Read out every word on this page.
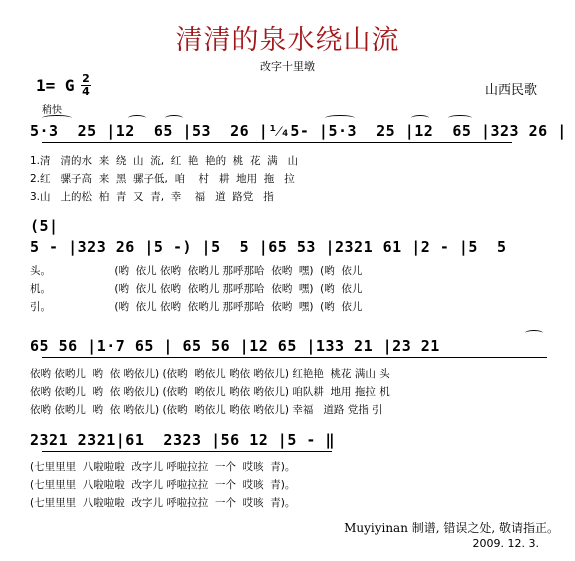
清清的泉水绕山流
改字十里墩
山西民歌
1= G 2
4
稍快
5·3  25 |12  65 |53  26 |¹⁄₄5- |5·3  25 |12  65 |323 26 |
1.清   清的水  来  绕  山  流,  红  艳  艳的  桃  花  满   山
2.红   骡子高  来  黑  骡子低,  咱    村   耕  地用  拖   拉
3.山   上的松  柏  青  又  青,  幸    福   道  路党   指
(5|
5 - |323 26 |5 -) |5  5 |65 53 |2321 61 |2 - |5  5
头。                   (哟  依儿 依哟  依哟儿 那呼那哈  依哟  嘿)  (哟  依儿
机。                   (哟  依儿 依哟  依哟儿 那呼那哈  依哟  嘿)  (哟  依儿
引。                   (哟  依儿 依哟  依哟儿 那呼那哈  依哟  嘿)  (哟  依儿
65 56 |1·7 65 | 65 56 |12 65 |133 21 |23 21
依哟 依哟儿  哟  依 哟依儿) (依哟  哟依儿 哟依 哟依儿) 红艳艳  桃花 满山 头
依哟 依哟儿  哟  依 哟依儿) (依哟  哟依儿 哟依 哟依儿) 咱队耕  地用 拖拉 机
依哟 依哟儿  哟  依 哟依儿) (依哟  哟依儿 哟依 哟依儿) 幸福   道路 党指 引
2321 2321|61  2323 |56 12 |5 - ‖
(七里里里  八啦啦啦  改字儿 呼啦拉拉  一个  哎咳  青)。
(七里里里  八啦啦啦  改字儿 呼啦拉拉  一个  哎咳  青)。
(七里里里  八啦啦啦  改字儿 呼啦拉拉  一个  哎咳  青)。
Muyiyinan 制谱, 错误之处, 敬请指正。
2009. 12. 3.
